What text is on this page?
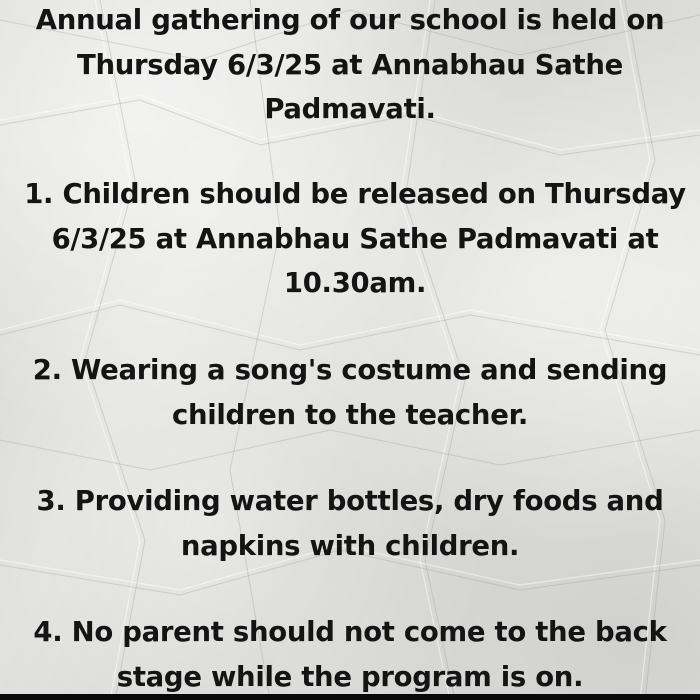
Annual gathering of our school is held on Thursday 6/3/25 at Annabhau Sathe Padmavati.
1. Children should be released on Thursday 6/3/25 at Annabhau Sathe Padmavati at 10.30am.
2. Wearing a song's costume and sending children to the teacher.
3. Providing water bottles, dry foods and napkins with children.
4. No parent should not come to the back stage while the program is on.
